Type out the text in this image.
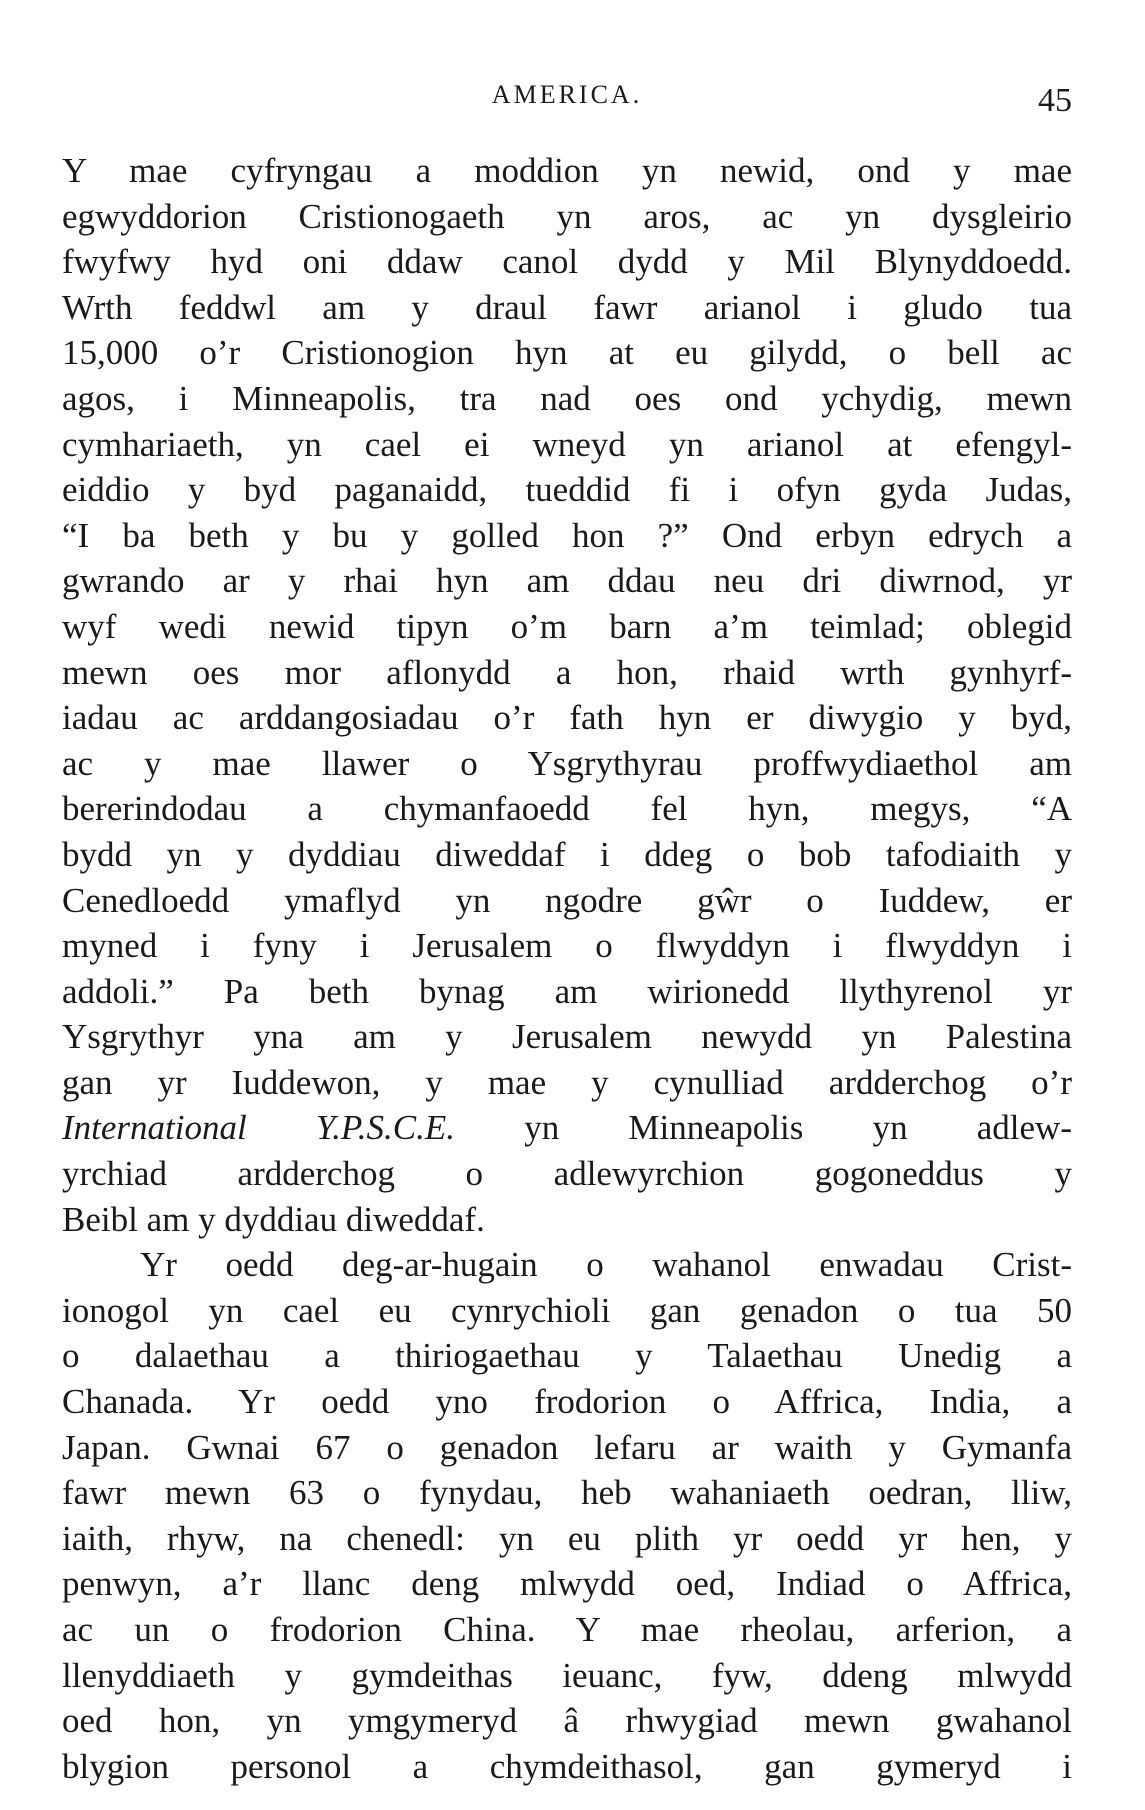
AMERICA.	45
Y mae cyfryngau a moddion yn newid, ond y mae
egwyddorion Cristionogaeth yn aros, ac yn dysgleirio
fwyfwy hyd oni ddaw canol dydd y Mil Blynyddoedd.
Wrth feddwl am y draul fawr arianol i gludo tua
15,000 o’r Cristionogion hyn at eu gilydd, o bell ac
agos, i Minneapolis, tra nad oes ond ychydig, mewn
cymhariaeth, yn cael ei wneyd yn arianol at efengyl-
eiddio y byd paganaidd, tueddid fi i ofyn gyda Judas,
“I ba beth y bu y golled hon ?” Ond erbyn edrych a
gwrando ar y rhai hyn am ddau neu dri diwrnod, yr
wyf wedi newid tipyn o’m barn a’m teimlad; oblegid
mewn oes mor aflonydd a hon, rhaid wrth gynhyrf-
iadau ac arddangosiadau o’r fath hyn er diwygio y byd,
ac y mae llawer o Ysgrythyrau proffwydiaethol am
bererindodau a chymanfaoedd fel hyn, megys, “A
bydd yn y dyddiau diweddaf i ddeg o bob tafodiaith y
Cenedloedd ymaflyd yn ngodre gŵr o Iuddew, er
myned i fyny i Jerusalem o flwyddyn i flwyddyn i
addoli.” Pa beth bynag am wirionedd llythyrenol yr
Ysgrythyr yna am y Jerusalem newydd yn Palestina
gan yr Iuddewon, y mae y cynulliad ardderchog o’r
International Y.P.S.C.E. yn Minneapolis yn adlew-
yrchiad ardderchog o adlewyrchion gogoneddus y
Beibl am y dyddiau diweddaf.
Yr oedd deg-ar-hugain o wahanol enwadau Crist-
ionogol yn cael eu cynrychioli gan genadon o tua 50
o dalaethau a thiriogaethau y Talaethau Unedig a
Chanada. Yr oedd yno frodorion o Affrica, India, a
Japan. Gwnai 67 o genadon lefaru ar waith y Gymanfa
fawr mewn 63 o fynydau, heb wahaniaeth oedran, lliw,
iaith, rhyw, na chenedl: yn eu plith yr oedd yr hen, y
penwyn, a’r llanc deng mlwydd oed, Indiad o Affrica,
ac un o frodorion China. Y mae rheolau, arferion, a
llenyddiaeth y gymdeithas ieuanc, fyw, ddeng mlwydd
oed hon, yn ymgymeryd â rhwygiad mewn gwahanol
blygion personol a chymdeithasol, gan gymeryd i
